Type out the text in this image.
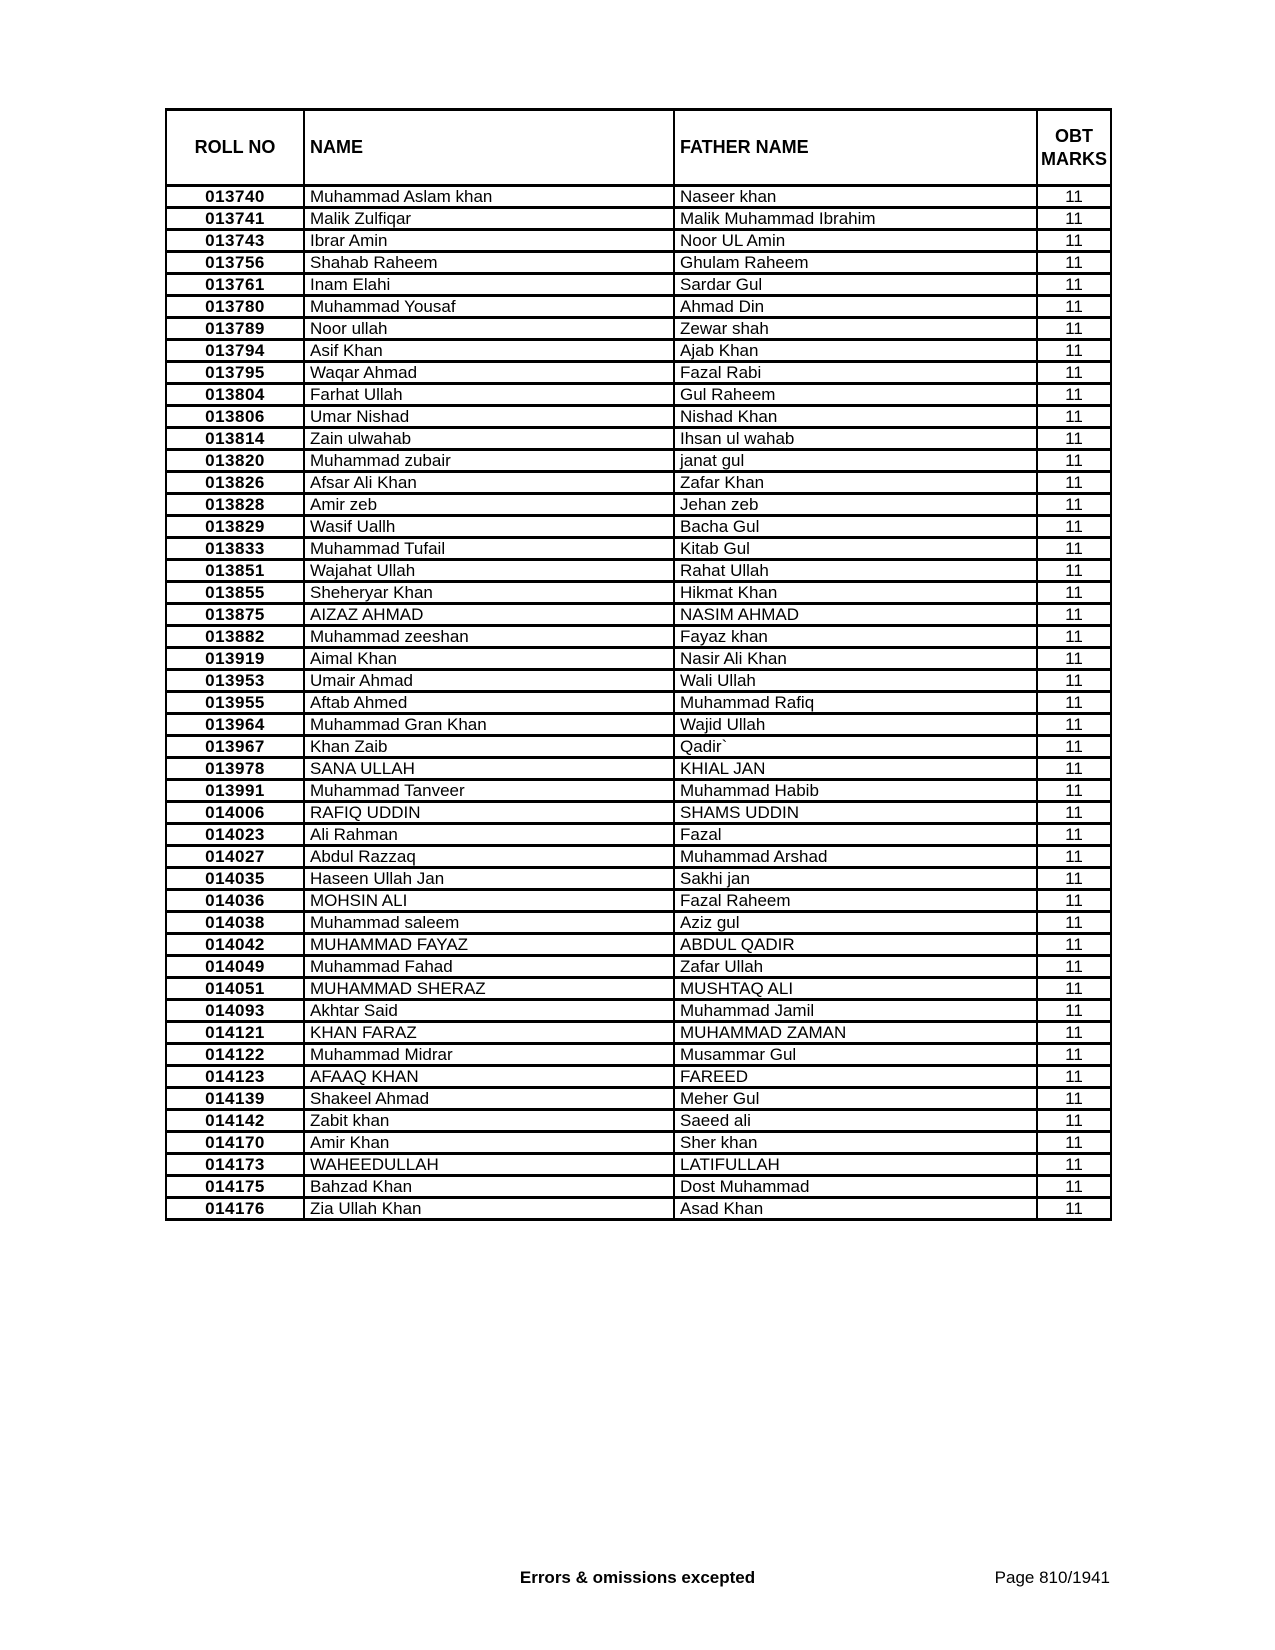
ROLL NO	NAME	FATHER NAME	OBT
MARKS
013740	Muhammad Aslam khan	Naseer khan	11
013741	Malik Zulfiqar	Malik Muhammad Ibrahim	11
013743	Ibrar Amin	Noor UL Amin	11
013756	Shahab Raheem	Ghulam Raheem	11
013761	Inam Elahi	Sardar Gul	11
013780	Muhammad Yousaf	Ahmad Din	11
013789	Noor ullah	Zewar shah	11
013794	Asif Khan	Ajab Khan	11
013795	Waqar Ahmad	Fazal Rabi	11
013804	Farhat Ullah	Gul Raheem	11
013806	Umar Nishad	Nishad Khan	11
013814	Zain ulwahab	Ihsan ul wahab	11
013820	Muhammad zubair	janat gul	11
013826	Afsar Ali Khan	Zafar Khan	11
013828	Amir zeb	Jehan zeb	11
013829	Wasif Uallh	Bacha Gul	11
013833	Muhammad Tufail	Kitab Gul	11
013851	Wajahat Ullah	Rahat Ullah	11
013855	Sheheryar Khan	Hikmat Khan	11
013875	AIZAZ AHMAD	NASIM AHMAD	11
013882	Muhammad zeeshan	Fayaz khan	11
013919	Aimal Khan	Nasir Ali Khan	11
013953	Umair Ahmad	Wali Ullah	11
013955	Aftab Ahmed	Muhammad Rafiq	11
013964	Muhammad Gran Khan	Wajid Ullah	11
013967	Khan Zaib	Qadir`	11
013978	SANA ULLAH	KHIAL JAN	11
013991	Muhammad Tanveer	Muhammad Habib	11
014006	RAFIQ UDDIN	SHAMS UDDIN	11
014023	Ali Rahman	Fazal	11
014027	Abdul Razzaq	Muhammad Arshad	11
014035	Haseen Ullah Jan	Sakhi jan	11
014036	MOHSIN ALI	Fazal Raheem	11
014038	Muhammad saleem	Aziz gul	11
014042	MUHAMMAD FAYAZ	ABDUL QADIR	11
014049	Muhammad Fahad	Zafar Ullah	11
014051	MUHAMMAD SHERAZ	MUSHTAQ ALI	11
014093	Akhtar Said	Muhammad Jamil	11
014121	KHAN FARAZ	MUHAMMAD ZAMAN	11
014122	Muhammad Midrar	Musammar Gul	11
014123	AFAAQ KHAN	FAREED	11
014139	Shakeel Ahmad	Meher Gul	11
014142	Zabit khan	Saeed ali	11
014170	Amir Khan	Sher khan	11
014173	WAHEEDULLAH	LATIFULLAH	11
014175	Bahzad Khan	Dost Muhammad	11
014176	Zia Ullah Khan	Asad Khan	11
Errors & omissions excepted	Page 810/1941
